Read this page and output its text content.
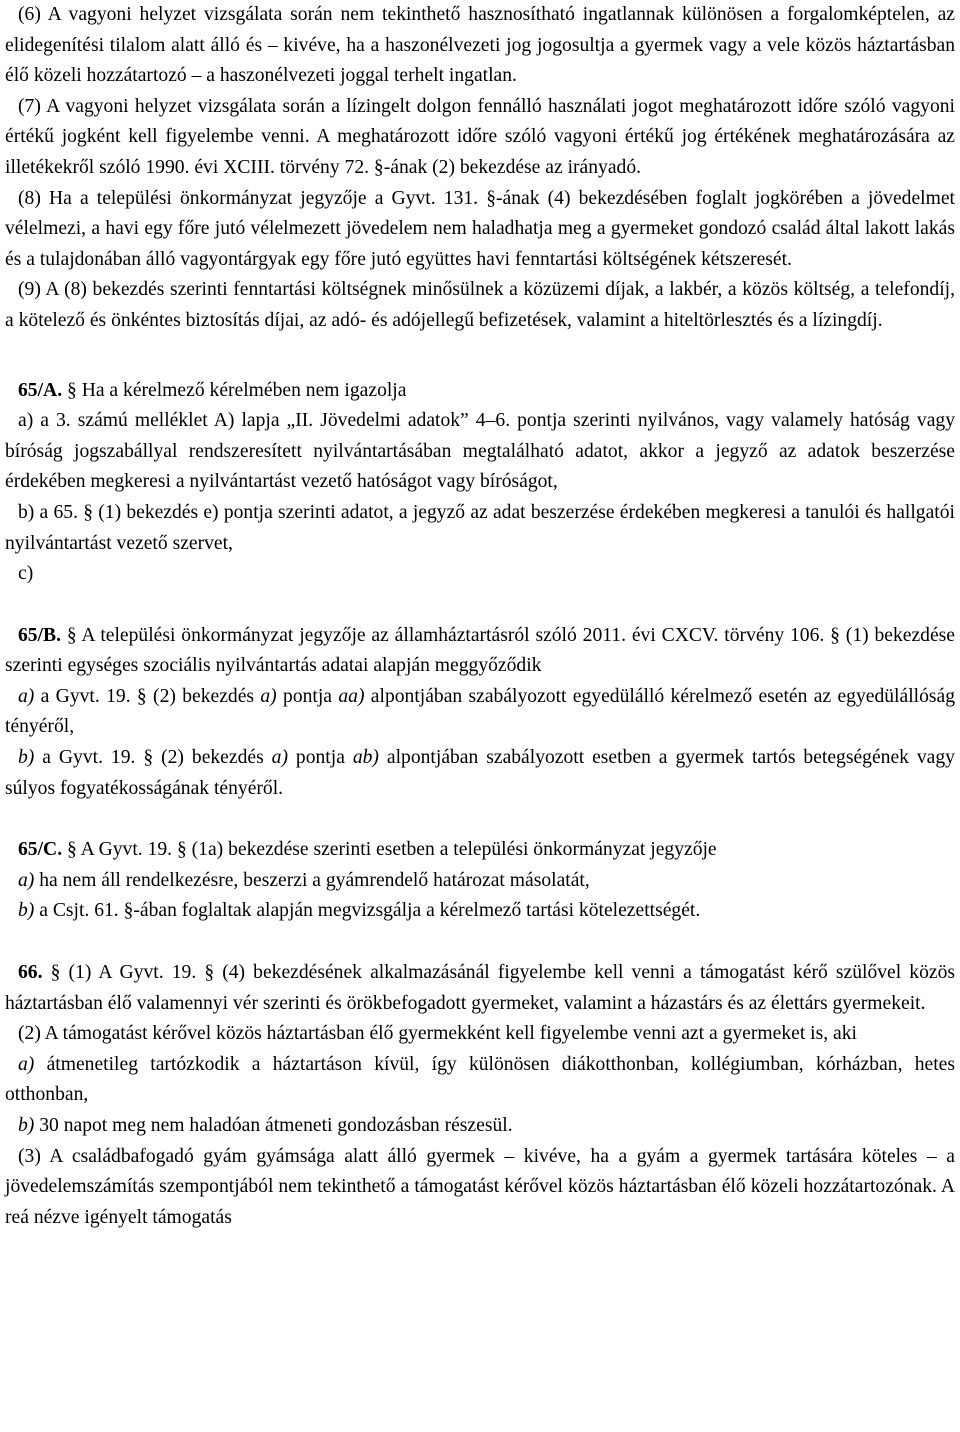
(6) A vagyoni helyzet vizsgálata során nem tekinthető hasznosítható ingatlannak különösen a forgalomképtelen, az elidegenítési tilalom alatt álló és – kivéve, ha a haszonélvezeti jog jogosultja a gyermek vagy a vele közös háztartásban élő közeli hozzátartozó – a haszonélvezeti joggal terhelt ingatlan.

(7) A vagyoni helyzet vizsgálata során a lízingelt dolgon fennálló használati jogot meghatározott időre szóló vagyoni értékű jogként kell figyelembe venni. A meghatározott időre szóló vagyoni értékű jog értékének meghatározására az illetékekről szóló 1990. évi XCIII. törvény 72. §-ának (2) bekezdése az irányadó.

(8) Ha a települési önkormányzat jegyzője a Gyvt. 131. §-ának (4) bekezdésében foglalt jogkörében a jövedelmet vélelmezi, a havi egy főre jutó vélelmezett jövedelem nem haladhatja meg a gyermeket gondozó család által lakott lakás és a tulajdonában álló vagyontárgyak egy főre jutó együttes havi fenntartási költségének kétszeresét.

(9) A (8) bekezdés szerinti fenntartási költségnek minősülnek a közüzemi díjak, a lakbér, a közös költség, a telefondíj, a kötelező és önkéntes biztosítás díjai, az adó- és adójellegű befizetések, valamint a hiteltörlesztés és a lízingdíj.

65/A. § Ha a kérelmező kérelmében nem igazolja

a) a 3. számú melléklet A) lapja „II. Jövedelmi adatok” 4–6. pontja szerinti nyilvános, vagy valamely hatóság vagy bíróság jogszabállyal rendszeresített nyilvántartásában megtalálható adatot, akkor a jegyző az adatok beszerzése érdekében megkeresi a nyilvántartást vezető hatóságot vagy bíróságot,

b) a 65. § (1) bekezdés e) pontja szerinti adatot, a jegyző az adat beszerzése érdekében megkeresi a tanulói és hallgatói nyilvántartást vezető szervet,

c)

65/B. § A települési önkormányzat jegyzője az államháztartásról szóló 2011. évi CXCV. törvény 106. § (1) bekezdése szerinti egységes szociális nyilvántartás adatai alapján meggyőződik

a) a Gyvt. 19. § (2) bekezdés a) pontja aa) alpontjában szabályozott egyedülálló kérelmező esetén az egyedülállóság tényéről,

b) a Gyvt. 19. § (2) bekezdés a) pontja ab) alpontjában szabályozott esetben a gyermek tartós betegségének vagy súlyos fogyatékosságának tényéről.

65/C. § A Gyvt. 19. § (1a) bekezdése szerinti esetben a települési önkormányzat jegyzője

a) ha nem áll rendelkezésre, beszerzi a gyámrendelő határozat másolatát,

b) a Csjt. 61. §-ában foglaltak alapján megvizsgálja a kérelmező tartási kötelezettségét.

66. § (1) A Gyvt. 19. § (4) bekezdésének alkalmazásánál figyelembe kell venni a támogatást kérő szülővel közös háztartásban élő valamennyi vér szerinti és örökbefogadott gyermeket, valamint a házastárs és az élettárs gyermekeit.

(2) A támogatást kérővel közös háztartásban élő gyermekként kell figyelembe venni azt a gyermeket is, aki

a) átmenetileg tartózkodik a háztartáson kívül, így különösen diákotthonban, kollégiumban, kórházban, hetes otthonban,

b) 30 napot meg nem haladóan átmeneti gondozásban részesül.

(3) A családbafogadó gyám gyámsága alatt álló gyermek – kivéve, ha a gyám a gyermek tartására köteles – a jövedelemszámítás szempontjából nem tekinthető a támogatást kérővel közös háztartásban élő közeli hozzátartozónak. A reá nézve igényelt támogatás
